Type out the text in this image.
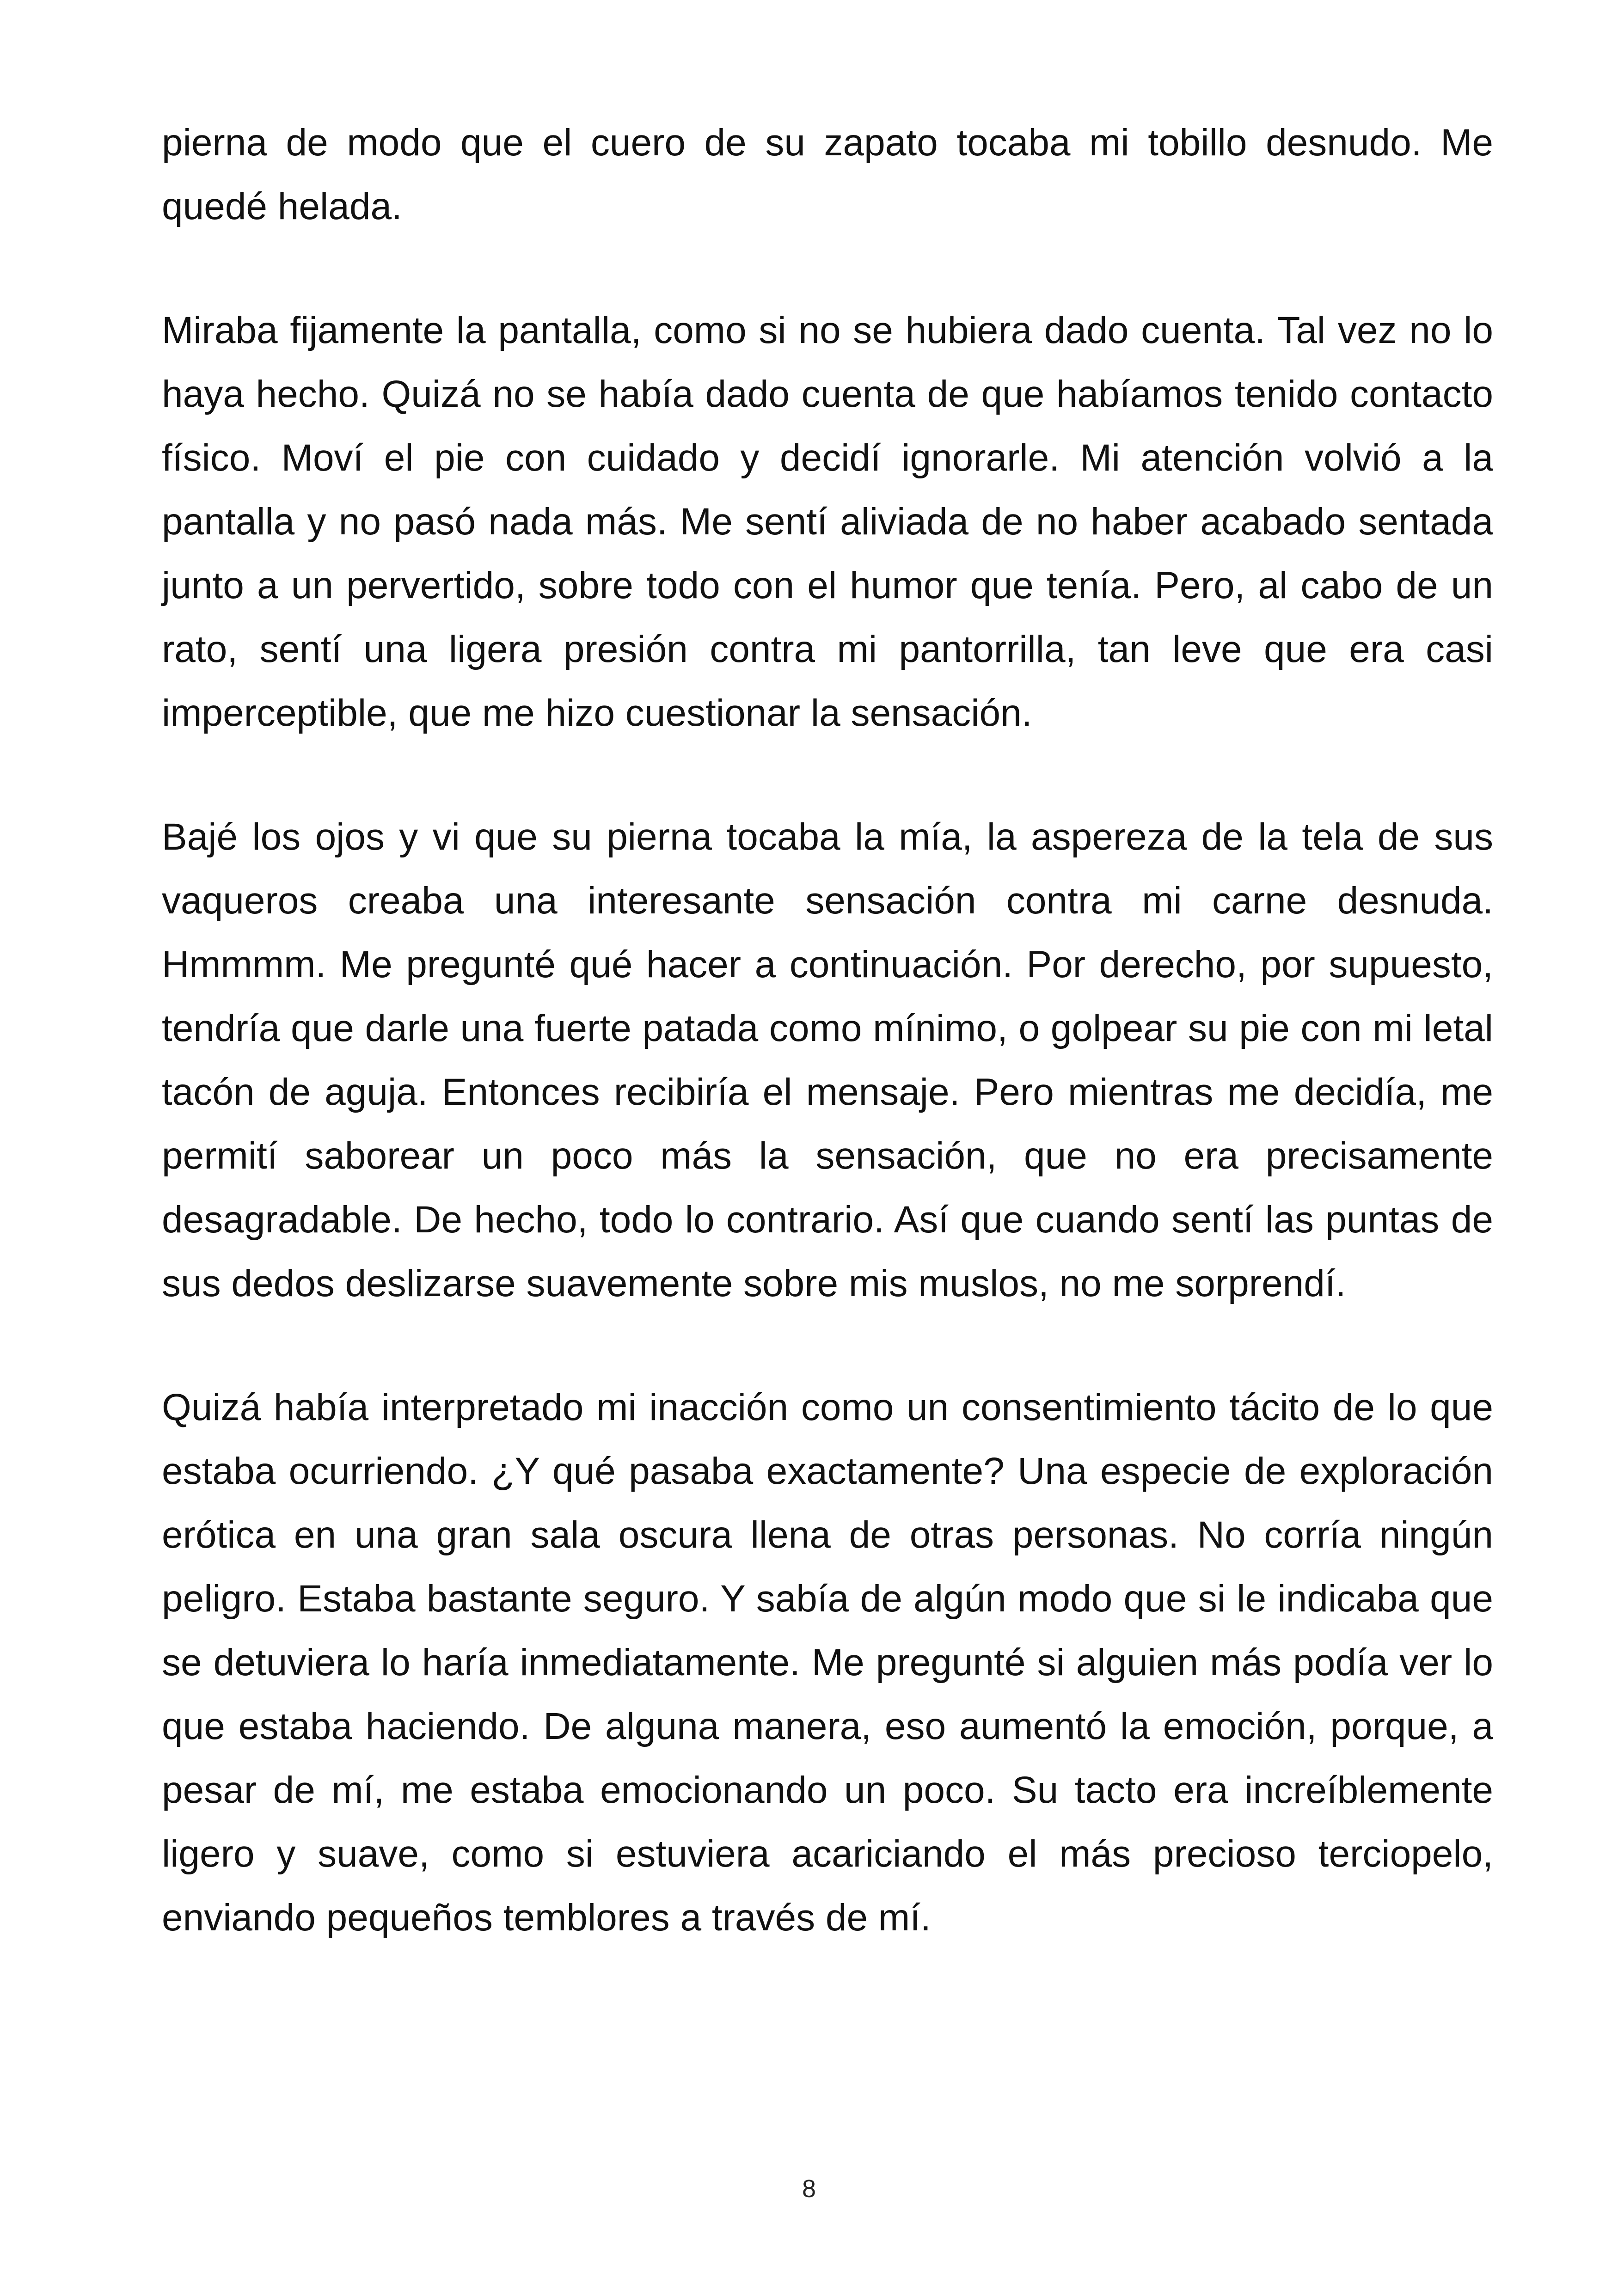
pierna de modo que el cuero de su zapato tocaba mi tobillo desnudo. Me quedé helada.

Miraba fijamente la pantalla, como si no se hubiera dado cuenta. Tal vez no lo haya hecho. Quizá no se había dado cuenta de que habíamos tenido contacto físico. Moví el pie con cuidado y decidí ignorarle. Mi atención volvió a la pantalla y no pasó nada más. Me sentí aliviada de no haber acabado sentada junto a un pervertido, sobre todo con el humor que tenía. Pero, al cabo de un rato, sentí una ligera presión contra mi pantorrilla, tan leve que era casi imperceptible, que me hizo cuestionar la sensación.

Bajé los ojos y vi que su pierna tocaba la mía, la aspereza de la tela de sus vaqueros creaba una interesante sensación contra mi carne desnuda. Hmmmm. Me pregunté qué hacer a continuación. Por derecho, por supuesto, tendría que darle una fuerte patada como mínimo, o golpear su pie con mi letal tacón de aguja. Entonces recibiría el mensaje. Pero mientras me decidía, me permití saborear un poco más la sensación, que no era precisamente desagradable. De hecho, todo lo contrario. Así que cuando sentí las puntas de sus dedos deslizarse suavemente sobre mis muslos, no me sorprendí.

Quizá había interpretado mi inacción como un consentimiento tácito de lo que estaba ocurriendo. ¿Y qué pasaba exactamente? Una especie de exploración erótica en una gran sala oscura llena de otras personas. No corría ningún peligro. Estaba bastante seguro. Y sabía de algún modo que si le indicaba que se detuviera lo haría inmediatamente. Me pregunté si alguien más podía ver lo que estaba haciendo. De alguna manera, eso aumentó la emoción, porque, a pesar de mí, me estaba emocionando un poco. Su tacto era increíblemente ligero y suave, como si estuviera acariciando el más precioso terciopelo, enviando pequeños temblores a través de mí.

8
